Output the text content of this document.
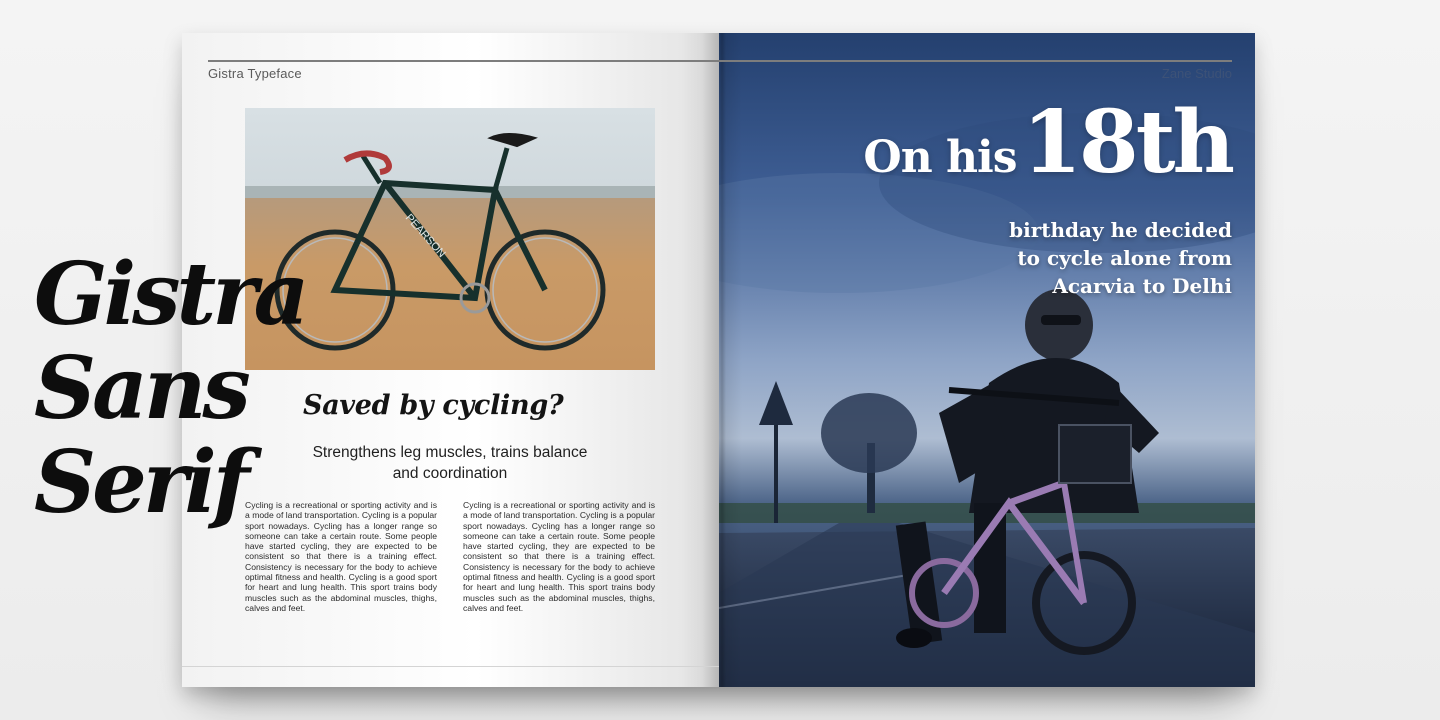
Gistra Typeface	Zane Studio
PEARSON
Gistra
Sans
Serif
Saved by cycling?
Strengthens leg muscles, trains balance and coordination
Cycling is a recreational or sporting activity and is a mode of land transportation. Cycling is a popular sport nowadays. Cycling has a longer range so someone can take a certain route. Some people have started cycling, they are expected to be consistent so that there is a training effect. Consistency is necessary for the body to achieve optimal fitness and health. Cycling is a good sport for heart and lung health. This sport trains body muscles such as the abdominal muscles, thighs, calves and feet.
Cycling is a recreational or sporting activity and is a mode of land transportation. Cycling is a popular sport nowadays. Cycling has a longer range so someone can take a certain route. Some people have started cycling, they are expected to be consistent so that there is a training effect. Consistency is necessary for the body to achieve optimal fitness and health. Cycling is a good sport for heart and lung health. This sport trains body muscles such as the abdominal muscles, thighs, calves and feet.
On his 18th
birthday he decided
to cycle alone from
Acarvia to Delhi
